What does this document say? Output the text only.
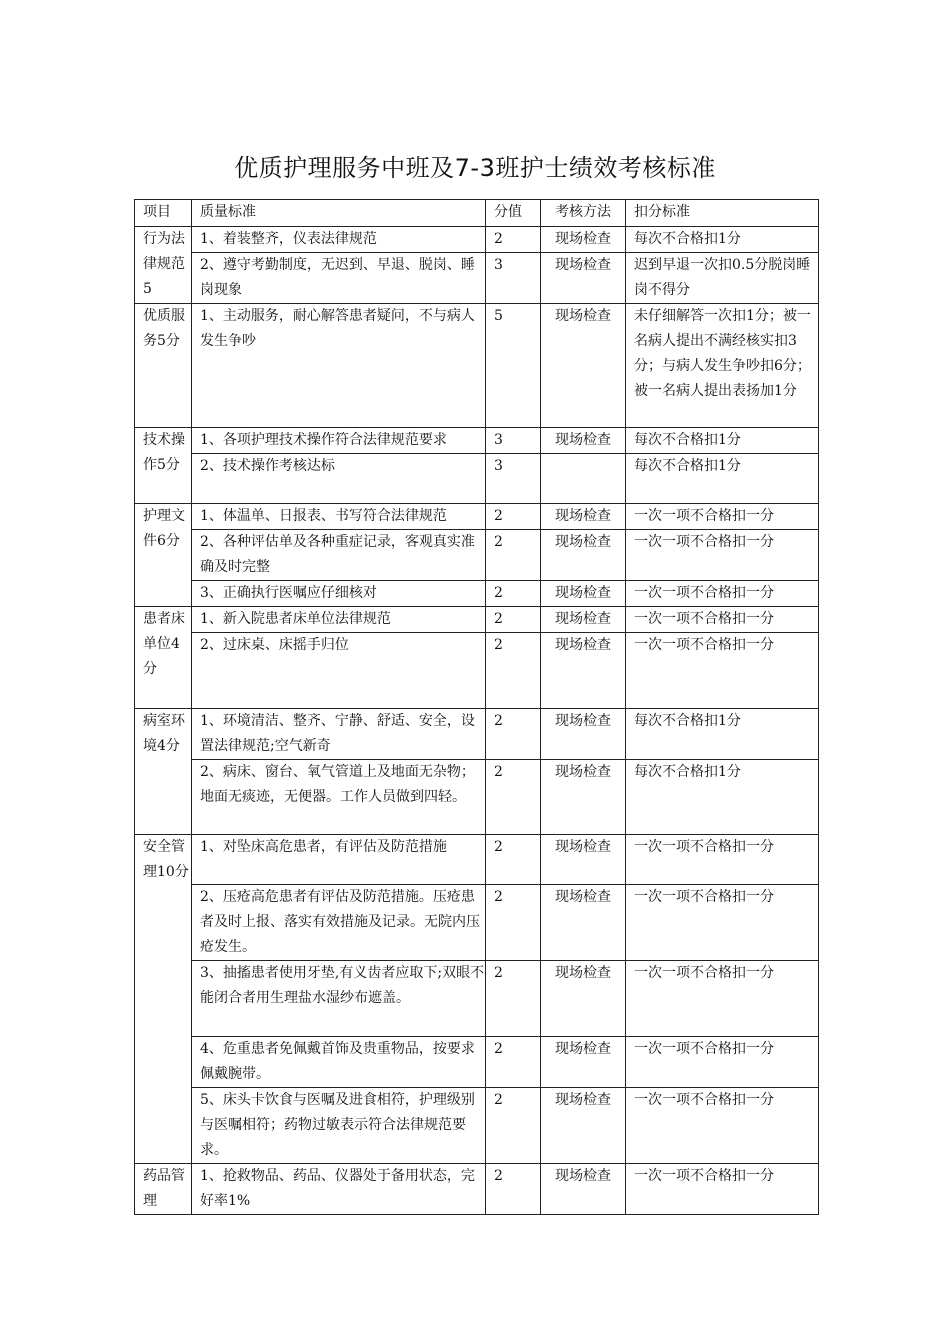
优质护理服务中班及7-3班护士绩效考核标准
项目	质量标准	分值	考核方法	扣分标准
行为法律规范5	1、着装整齐，仪表法律规范	2	现场检查	每次不合格扣1分
	2、遵守考勤制度，无迟到、早退、脱岗、睡岗现象	3	现场检查	迟到早退一次扣0.5分脱岗睡岗不得分
优质服务5分	1、主动服务，耐心解答患者疑问，不与病人发生争吵	5	现场检查	未仔细解答一次扣1分；被一名病人提出不满经核实扣3分；与病人发生争吵扣6分；被一名病人提出表扬加1分
技术操作5分	1、各项护理技术操作符合法律规范要求	3	现场检查	每次不合格扣1分
	2、技术操作考核达标	3		每次不合格扣1分
护理文件6分	1、体温单、日报表、书写符合法律规范	2	现场检查	一次一项不合格扣一分
	2、各种评估单及各种重症记录，客观真实准确及时完整	2	现场检查	一次一项不合格扣一分
	3、正确执行医嘱应仔细核对	2	现场检查	一次一项不合格扣一分
患者床单位4分	1、新入院患者床单位法律规范	2	现场检查	一次一项不合格扣一分
	2、过床桌、床摇手归位	2	现场检查	一次一项不合格扣一分
病室环境4分	1、环境清洁、整齐、宁静、舒适、安全，设置法律规范;空气新奇	2	现场检查	每次不合格扣1分
	2、病床、窗台、氧气管道上及地面无杂物；地面无痰迹，无便器。工作人员做到四轻。	2	现场检查	每次不合格扣1分
安全管理10分	1、对坠床高危患者，有评估及防范措施	2	现场检查	一次一项不合格扣一分
	2、压疮高危患者有评估及防范措施。压疮患者及时上报、落实有效措施及记录。无院内压疮发生。	2	现场检查	一次一项不合格扣一分
	3、抽搐患者使用牙垫,有义齿者应取下;双眼不能闭合者用生理盐水湿纱布遮盖。	2	现场检查	一次一项不合格扣一分
	4、危重患者免佩戴首饰及贵重物品，按要求佩戴腕带。	2	现场检查	一次一项不合格扣一分
	5、床头卡饮食与医嘱及进食相符，护理级别与医嘱相符；药物过敏表示符合法律规范要求。	2	现场检查	一次一项不合格扣一分
药品管理	1、抢救物品、药品、仪器处于备用状态，完好率1%	2	现场检查	一次一项不合格扣一分
